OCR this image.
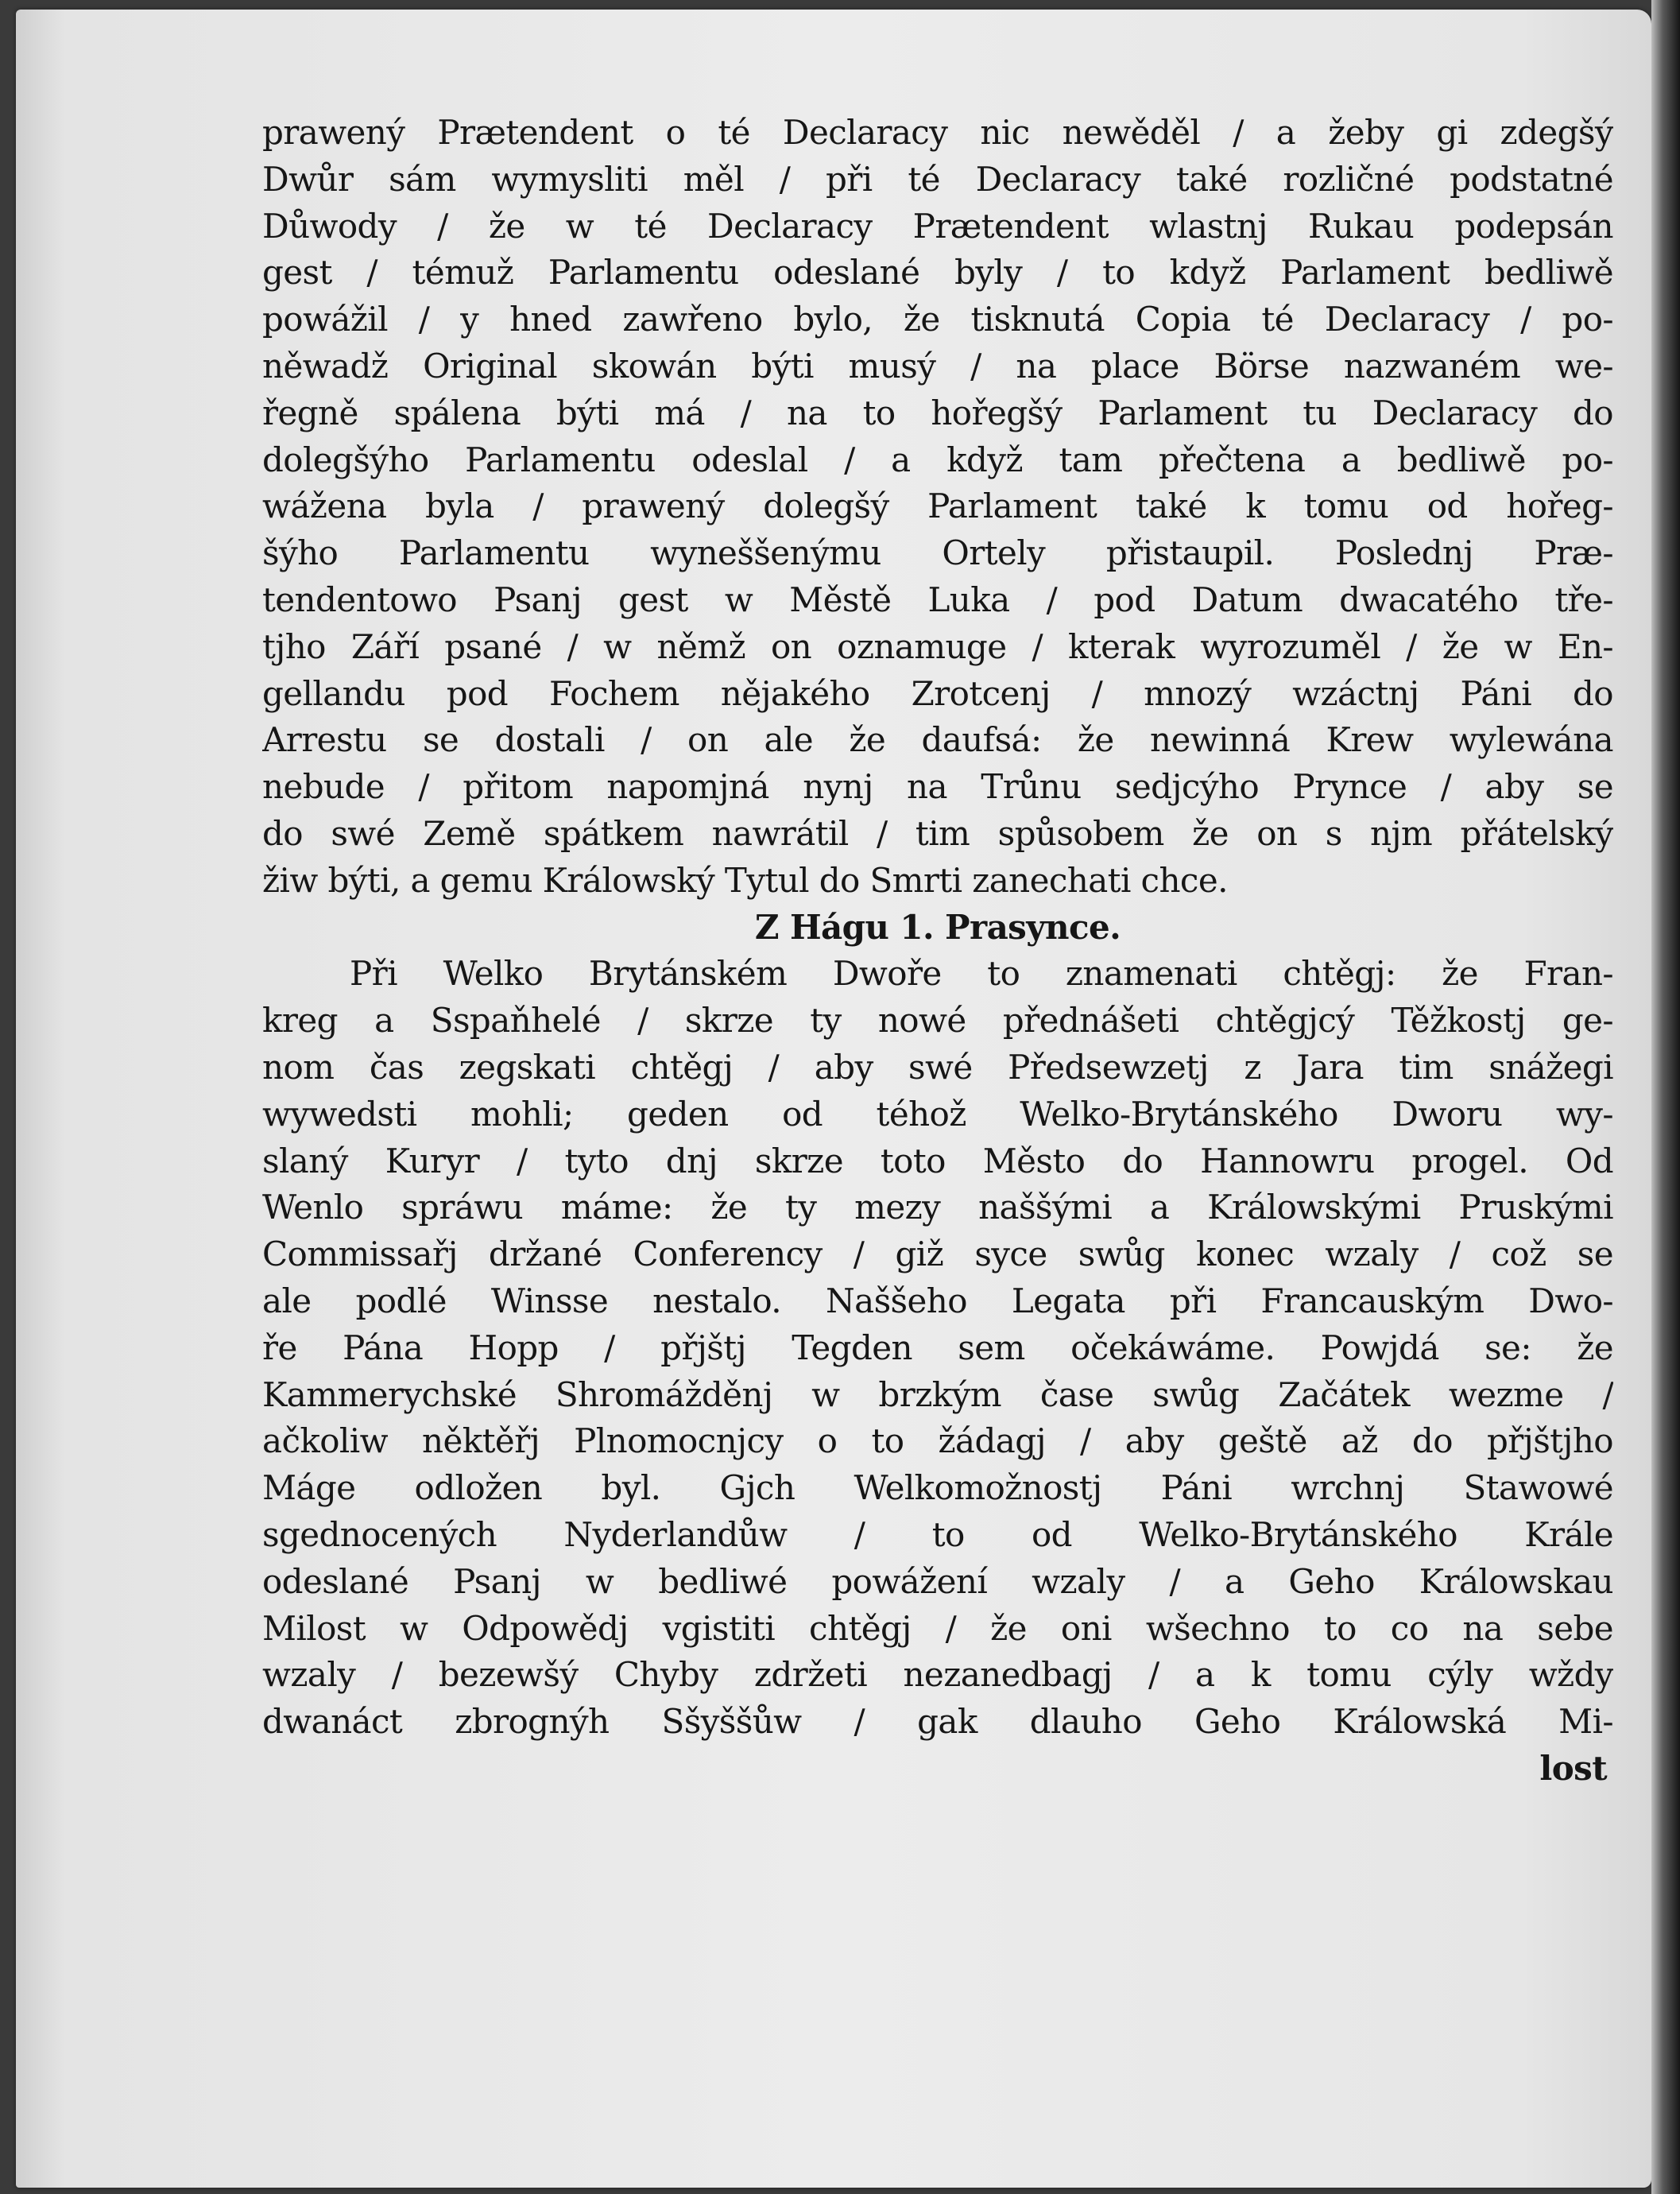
prawený Prætendent o té Declaracy nic newěděl / a žeby gi zdegšý
Dwůr sám wymysliti měl / při té Declaracy také rozličné podstatné
Důwody / že w té Declaracy Prætendent wlastnj Rukau podepsán
gest / témuž Parlamentu odeslané byly / to když Parlament bedliwě
powážil / y hned zawřeno bylo, že tisknutá Copia té Declaracy / po-
něwadž Original skowán býti musý / na place Börse nazwaném we-
řegně spálena býti má / na to hořegšý Parlament tu Declaracy do
dolegšýho Parlamentu odeslal / a když tam přečtena a bedliwě po-
wážena byla / prawený dolegšý Parlament také k tomu od hořeg-
šýho Parlamentu wyneššenýmu Ortely přistaupil. Poslednj Præ-
tendentowo Psanj gest w Městě Luka / pod Datum dwacatého tře-
tjho Září psané / w němž on oznamuge / kterak wyrozuměl / že w En-
gellandu pod Fochem nějakého Zrotcenj / mnozý wzáctnj Páni do
Arrestu se dostali / on ale že daufsá: že newinná Krew wylewána
nebude / přitom napomjná nynj na Trůnu sedjcýho Prynce / aby se
do swé Země spátkem nawrátil / tim spůsobem že on s njm přátelský
žiw býti, a gemu Králowský Tytul do Smrti zanechati chce.
Z Hágu 1. Prasynce.
Při Welko Brytánském Dwoře to znamenati chtěgj: že Fran-
kreg a Sspaňhelé / skrze ty nowé přednášeti chtěgjcý Těžkostj ge-
nom čas zegskati chtěgj / aby swé Předsewzetj z Jara tim snážegi
wywedsti mohli; geden od téhož Welko-Brytánského Dworu wy-
slaný Kuryr / tyto dnj skrze toto Město do Hannowru progel. Od
Wenlo spráwu máme: že ty mezy naššými a Králowskými Pruskými
Commissařj držané Conferency / giž syce swůg konec wzaly / což se
ale podlé Winsse nestalo. Naššeho Legata při Francauským Dwo-
ře Pána Hopp / přjštj Tegden sem očekáwáme. Powjdá se: že
Kammerychské Shromážděnj w brzkým čase swůg Začátek wezme /
ačkoliw něktěřj Plnomocnjcy o to žádagj / aby geště až do přjštjho
Máge odložen byl. Gjch Welkomožnostj Páni wrchnj Stawowé
sgednocených Nyderlandůw / to od Welko-Brytánského Krále
odeslané Psanj w bedliwé powážení wzaly / a Geho Králowskau
Milost w Odpowědj vgistiti chtěgj / že oni wšechno to co na sebe
wzaly / bezewšý Chyby zdržeti nezanedbagj / a k tomu cýly wždy
dwanáct zbrognýh Sšyššůw / gak dlauho Geho Králowská Mi-
lost
